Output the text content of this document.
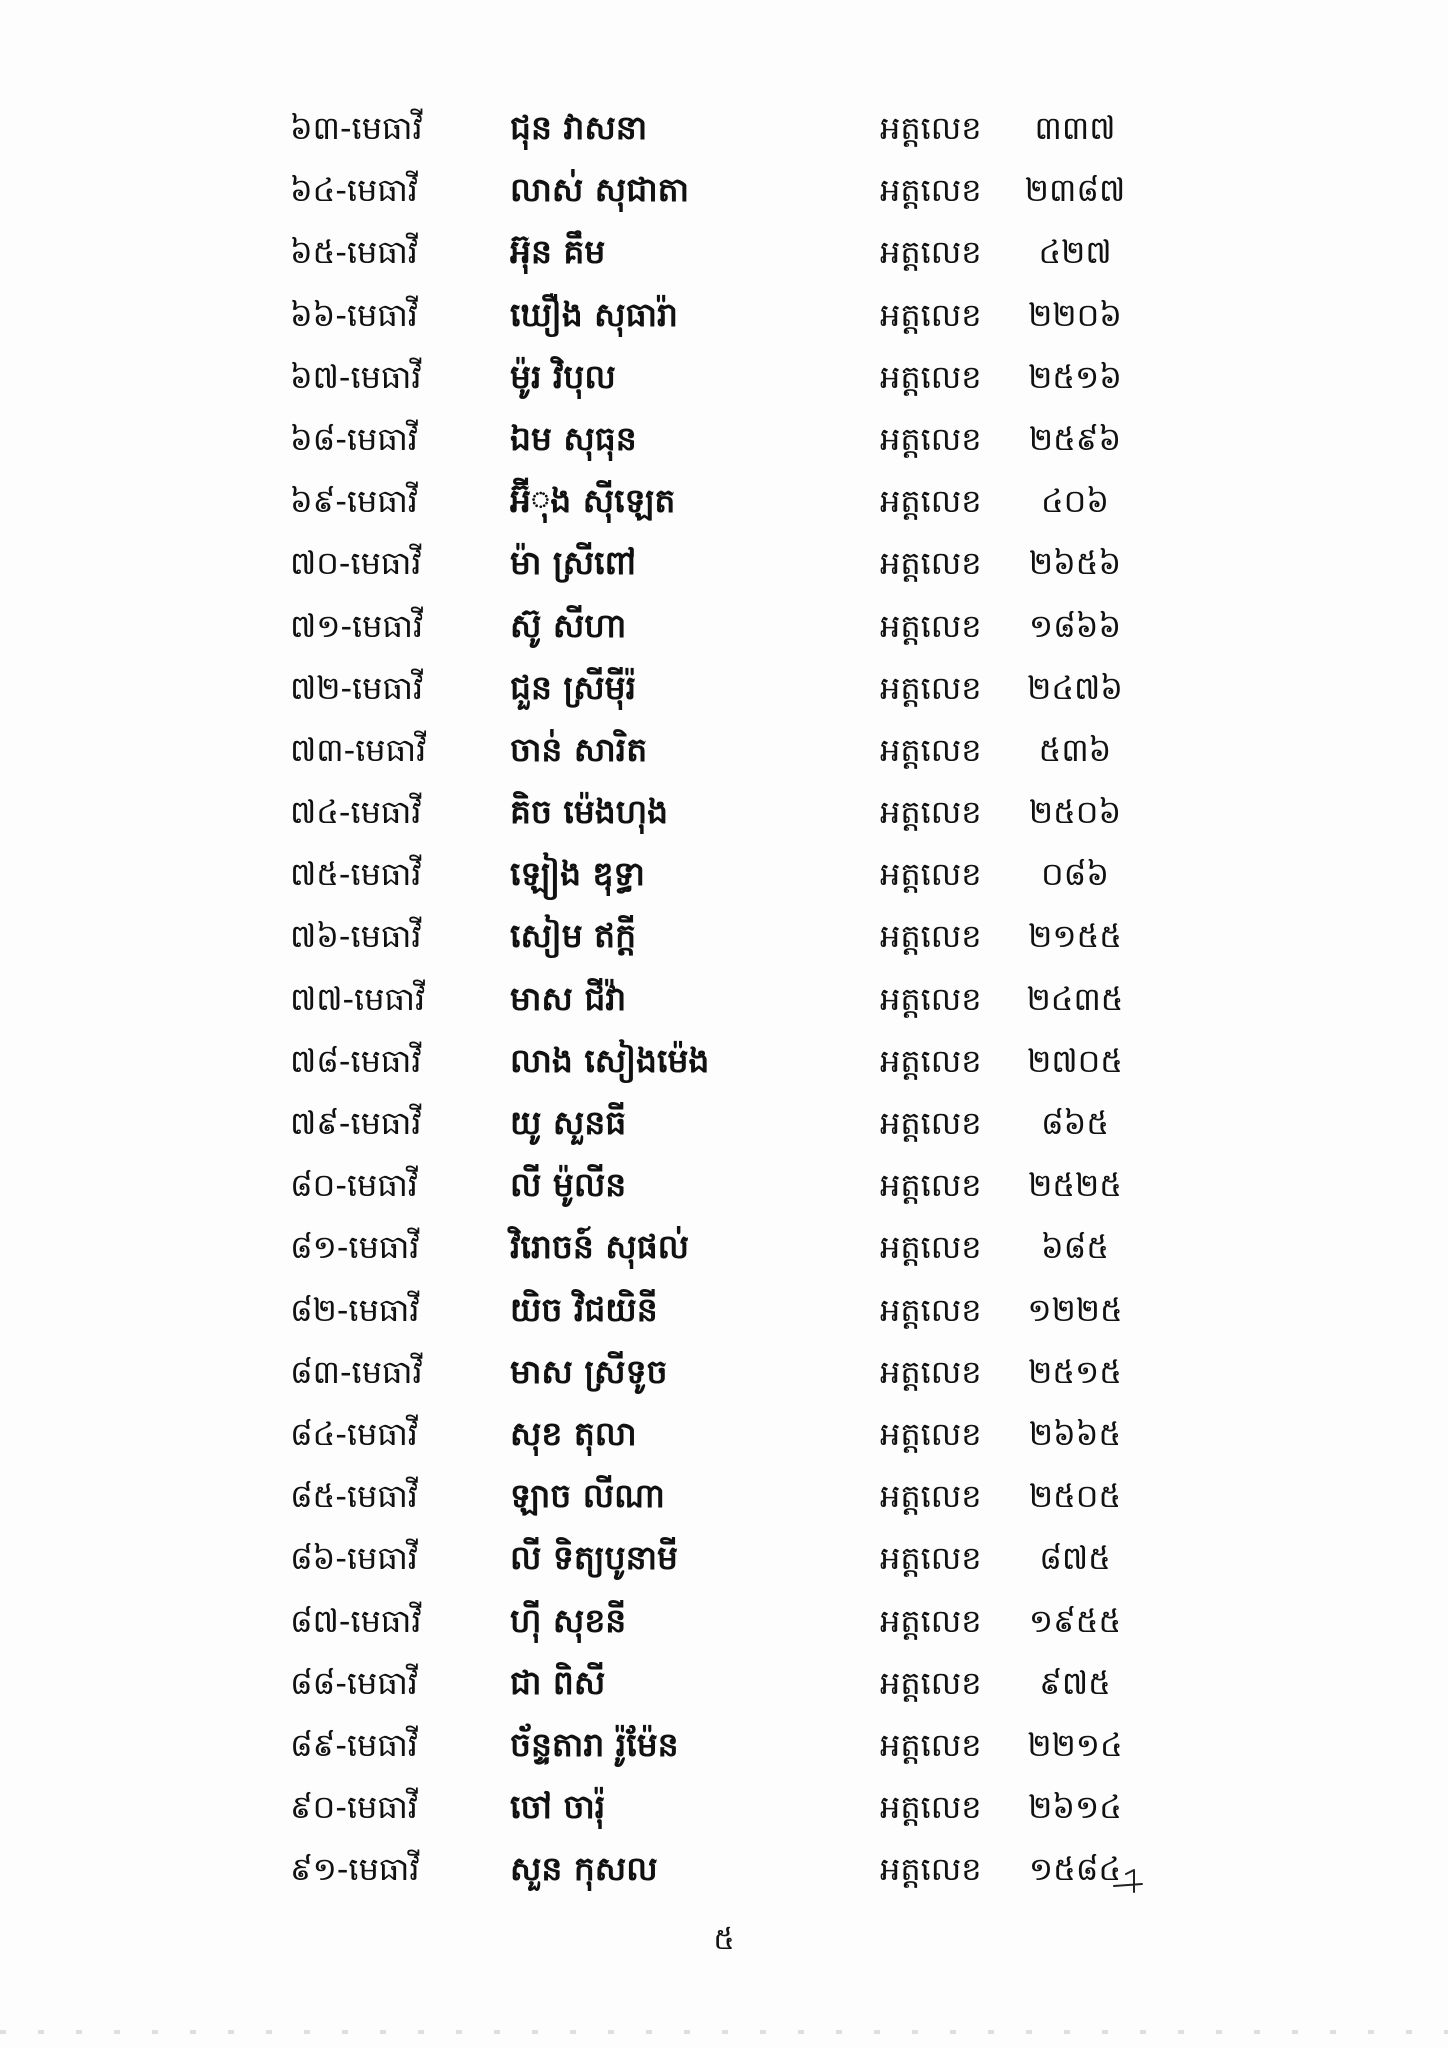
៦៣-មេធាវី	ជុន វាសនា	អត្តលេខ	៣៣៧
៦៤-មេធាវី	លាស់ សុជាតា	អត្តលេខ ២៣៨៧
៦៥-មេធាវី	អ៊ុន គឹម	អត្តលេខ	៤២៧
៦៦-មេធាវី	ឃឿង សុធារ៉ា	អត្តលេខ ២២០៦
៦៧-មេធាវី	ម៉ូរ វិបុល	អត្តលេខ ២៥១៦
៦៨-មេធាវី	ឯម សុធុន	អត្តលេខ ២៥៩៦
៦៩-មេធាវី	អ៊ីុង ស៊ីឡេត	អត្តលេខ	៤០៦
៧០-មេធាវី	ម៉ា ស្រីពៅ	អត្តលេខ ២៦៥៦
៧១-មេធាវី	ស៊ូ សីហា	អត្តលេខ ១៨៦៦
៧២-មេធាវី	ជួន ស្រីម៉ីរ៉	អត្តលេខ ២៤៧៦
៧៣-មេធាវី	ចាន់ សារិត	អត្តលេខ	៥៣៦
៧៤-មេធាវី	គិច ម៉េងហុង	អត្តលេខ ២៥០៦
៧៥-មេធាវី	ឡៀង ឌុទ្ធា	អត្តលេខ	០៨៦
៧៦-មេធាវី	សៀម ឥក្តី	អត្តលេខ ២១៥៥
៧៧-មេធាវី	មាស ជីវ៉ា	អត្តលេខ ២៤៣៥
៧៨-មេធាវី	លាង សៀងម៉េង	អត្តលេខ ២៧០៥
៧៩-មេធាវី	យូ សួនធី	អត្តលេខ	៨៦៥
៨០-មេធាវី	លី ម៉ូលីន	អត្តលេខ ២៥២៥
៨១-មេធាវី	វិរោចន៍ សុផល់	អត្តលេខ	៦៨៥
៨២-មេធាវី	យិច វិជយិនី	អត្តលេខ ១២២៥
៨៣-មេធាវី	មាស ស្រីទូច	អត្តលេខ ២៥១៥
៨៤-មេធាវី	សុខ តុលា	អត្តលេខ ២៦៦៥
៨៥-មេធាវី	ឡាច លីណា	អត្តលេខ ២៥០៥
៨៦-មេធាវី	លី ទិត្យបូនាមី	អត្តលេខ	៨៧៥
៨៧-មេធាវី	ហ៊ី សុខនី	អត្តលេខ ១៩៥៥
៨៨-មេធាវី	ជា ពិសី	អត្តលេខ	៩៧៥
៨៩-មេធាវី	ច័ន្ទតារា រ៉ូម៉ែន	អត្តលេខ ២២១៤
៩០-មេធាវី	ចៅ ចារ៉ុ	អត្តលេខ ២៦១៤
៩១-មេធាវី	សួន កុសល	អត្តលេខ ១៥៨៤
៥
